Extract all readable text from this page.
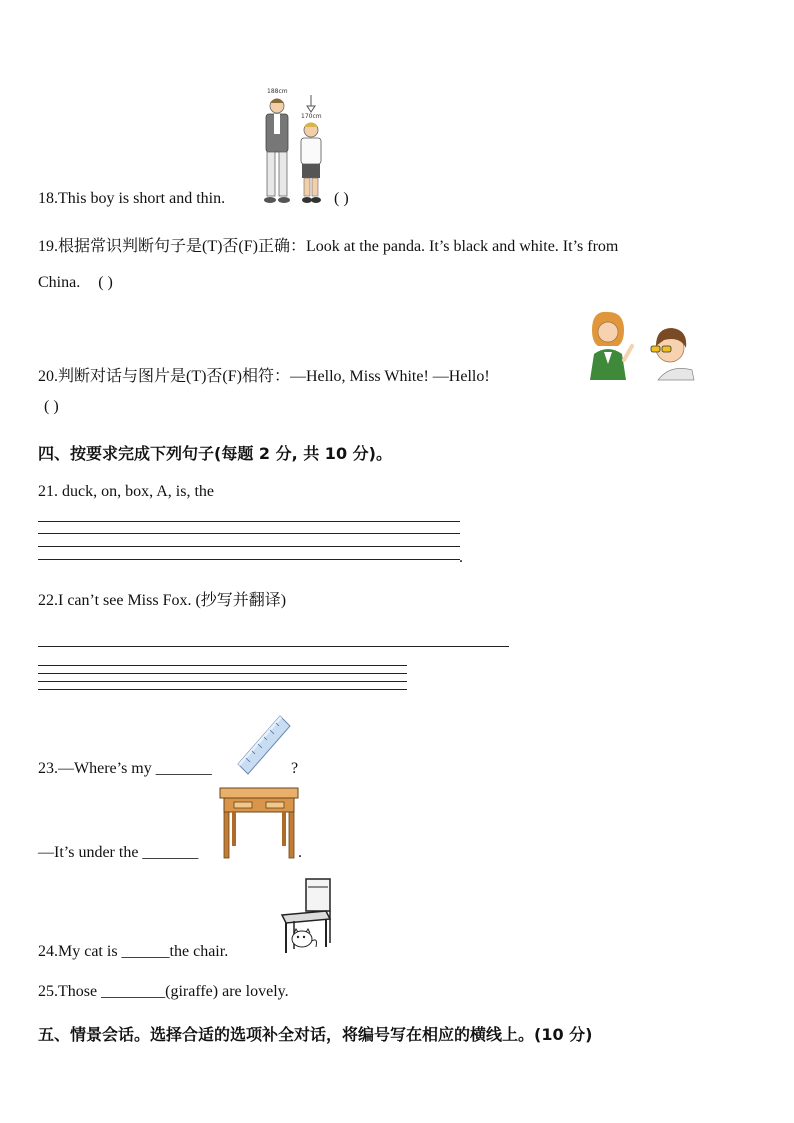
188cm
170cm
18.This boy is short and thin.	( )
19.根据常识判断句子是(T)否(F)正确：Look at the panda. It’s black and white. It’s from
China. ( )
20.判断对话与图片是(T)否(F)相符：—Hello, Miss White! —Hello!
( )
四、按要求完成下列句子(每题 2 分, 共 10 分)。
21. duck, on, box, A, is, the
.
22.I can’t see Miss Fox. (抄写并翻译)
23.—Where’s my _______	?
—It’s under the _______	.
24.My cat is ______the chair.
25.Those ________(giraffe) are lovely.
五、情景会话。选择合适的选项补全对话，将编号写在相应的横线上。(10 分)
